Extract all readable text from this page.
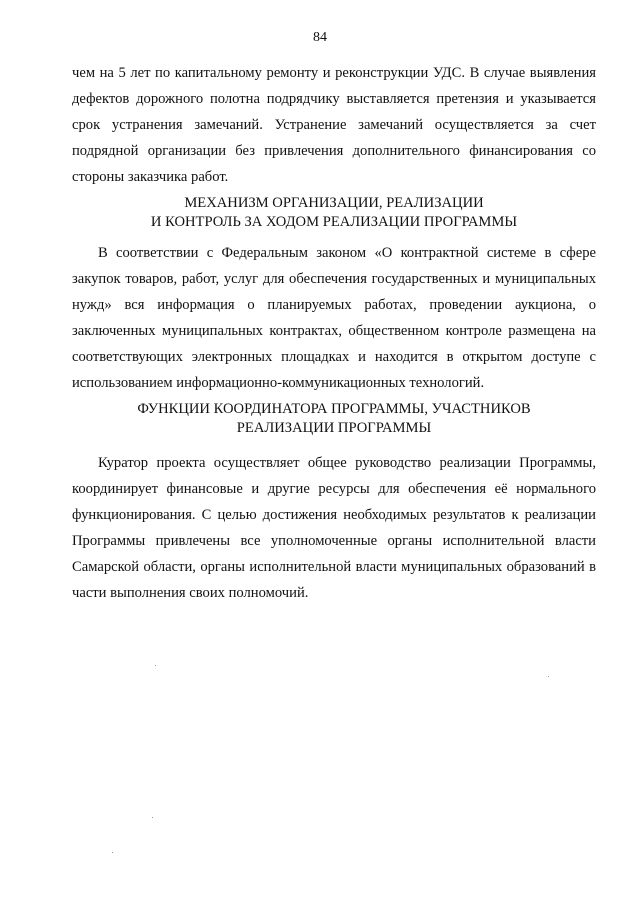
84

чем на 5 лет по капитальному ремонту и реконструкции УДС. В случае выявления дефектов дорожного полотна подрядчику выставляется претензия и указывается срок устранения замечаний. Устранение замечаний осуществляется за счет подрядной организации без привлечения дополнительного финансирования со стороны заказчика работ.

МЕХАНИЗМ ОРГАНИЗАЦИИ, РЕАЛИЗАЦИИ
И КОНТРОЛЬ ЗА ХОДОМ РЕАЛИЗАЦИИ ПРОГРАММЫ

В соответствии с Федеральным законом «О контрактной системе в сфере закупок товаров, работ, услуг для обеспечения государственных и муниципальных нужд» вся информация о планируемых работах, проведении аукциона, о заключенных муниципальных контрактах, общественном контроле размещена на соответствующих электронных площадках и находится в открытом доступе с использованием информационно-коммуникационных технологий.

ФУНКЦИИ КООРДИНАТОРА ПРОГРАММЫ, УЧАСТНИКОВ
РЕАЛИЗАЦИИ ПРОГРАММЫ

Куратор проекта осуществляет общее руководство реализации Программы, координирует финансовые и другие ресурсы для обеспечения её нормального функционирования. С целью достижения необходимых результатов к реализации Программы привлечены все уполномоченные органы исполнительной власти Самарской области, органы исполнительной власти муниципальных образований в части выполнения своих полномочий.
